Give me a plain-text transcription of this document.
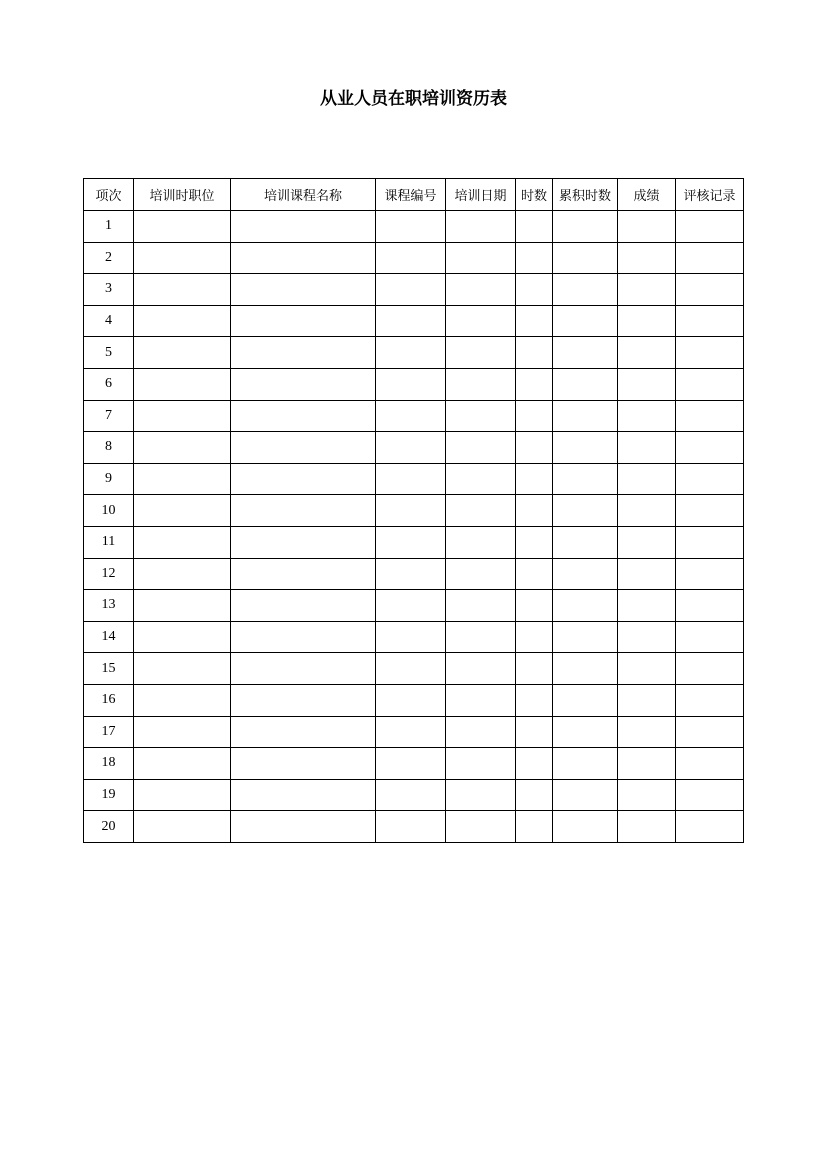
从业人员在职培训资历表
项次	培训时职位	培训课程名称	课程编号	培训日期	时数	累积时数	成绩	评核记录
1								
2								
3								
4								
5								
6								
7								
8								
9								
10								
11								
12								
13								
14								
15								
16								
17								
18								
19								
20								
